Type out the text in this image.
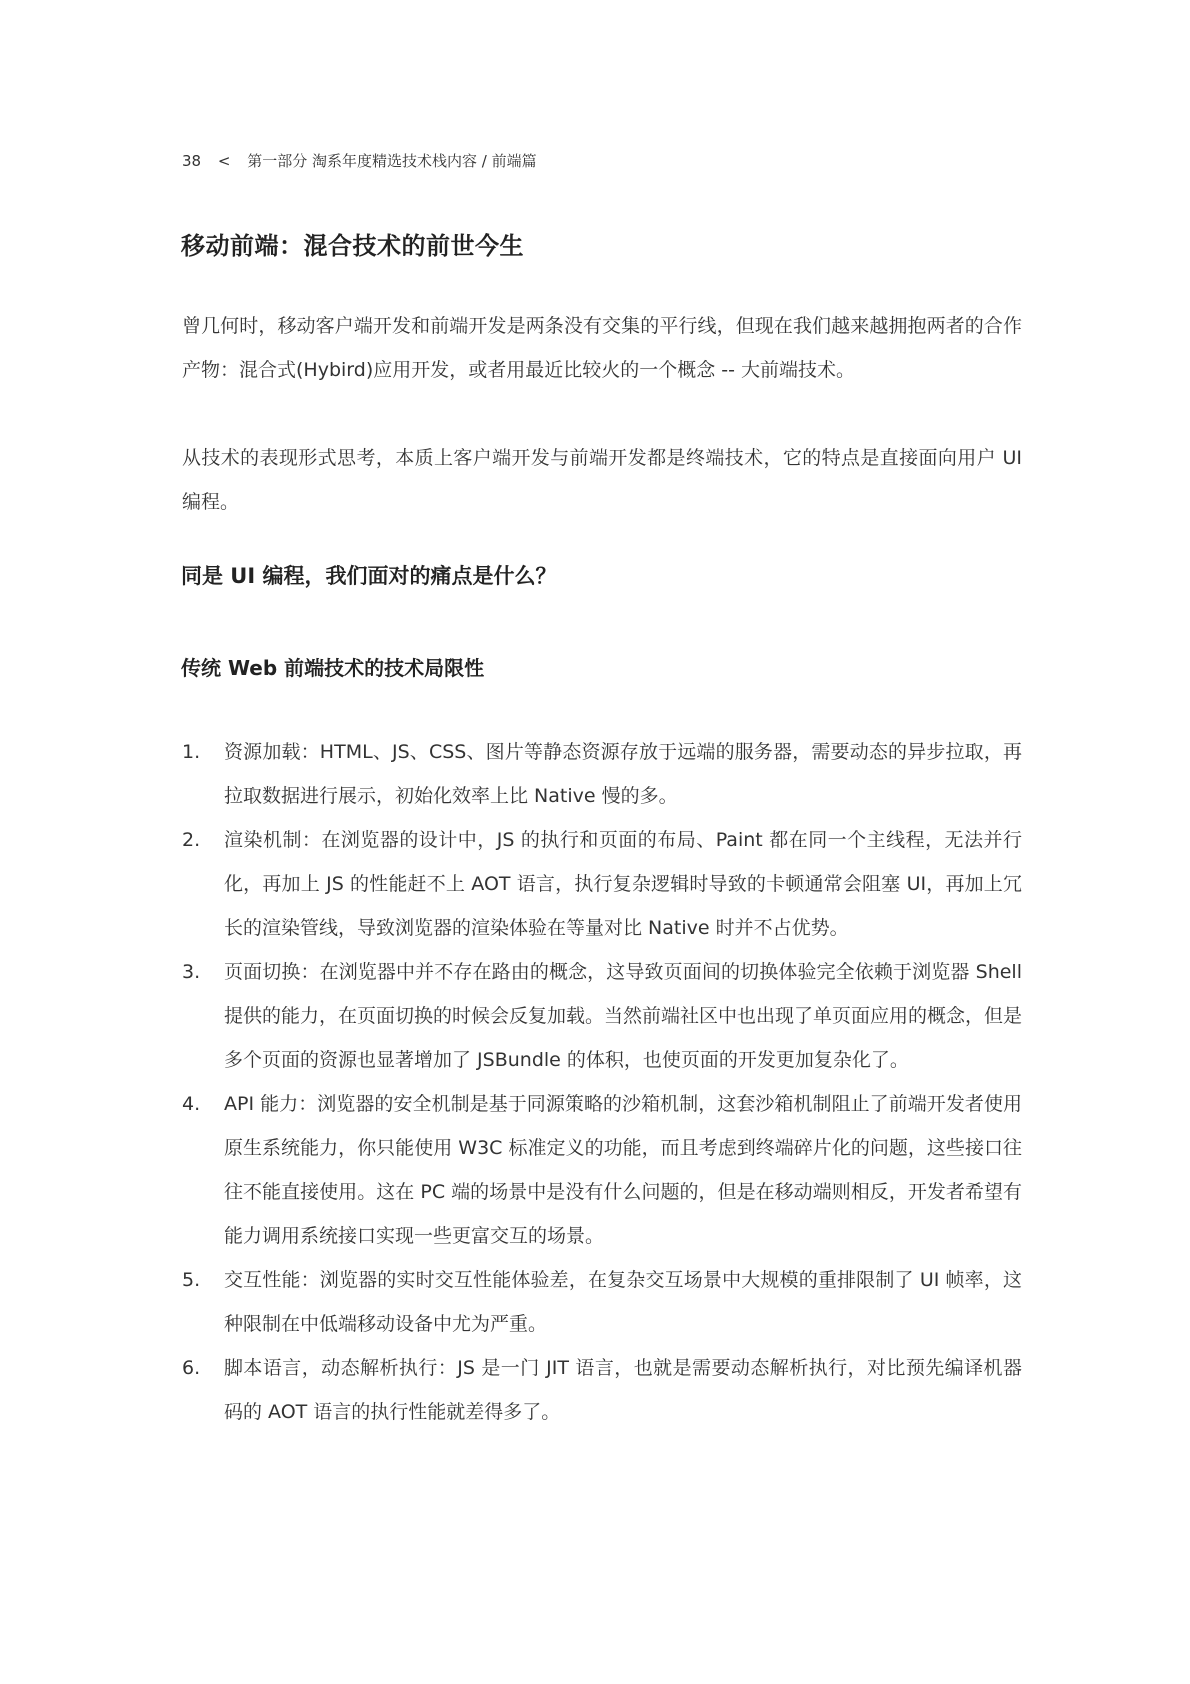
38 < 第一部分 淘系年度精选技术栈内容 / 前端篇
移动前端：混合技术的前世今生
曾几何时，移动客户端开发和前端开发是两条没有交集的平行线，但现在我们越来越拥抱两者的合作产物：混合式(Hybird)应用开发，或者用最近比较火的一个概念 -- 大前端技术。
从技术的表现形式思考，本质上客户端开发与前端开发都是终端技术，它的特点是直接面向用户 UI 编程。
同是 UI 编程，我们面对的痛点是什么？
传统 Web 前端技术的技术局限性
1.	资源加载：HTML、JS、CSS、图片等静态资源存放于远端的服务器，需要动态的异步拉取，再拉取数据进行展示，初始化效率上比 Native 慢的多。
2.	渲染机制：在浏览器的设计中，JS 的执行和页面的布局、Paint 都在同一个主线程，无法并行化，再加上 JS 的性能赶不上 AOT 语言，执行复杂逻辑时导致的卡顿通常会阻塞 UI，再加上冗长的渲染管线，导致浏览器的渲染体验在等量对比 Native 时并不占优势。
3.	页面切换：在浏览器中并不存在路由的概念，这导致页面间的切换体验完全依赖于浏览器 Shell 提供的能力，在页面切换的时候会反复加载。当然前端社区中也出现了单页面应用的概念，但是多个页面的资源也显著增加了 JSBundle 的体积，也使页面的开发更加复杂化了。
4.	API 能力：浏览器的安全机制是基于同源策略的沙箱机制，这套沙箱机制阻止了前端开发者使用原生系统能力，你只能使用 W3C 标准定义的功能，而且考虑到终端碎片化的问题，这些接口往往不能直接使用。这在 PC 端的场景中是没有什么问题的，但是在移动端则相反，开发者希望有能力调用系统接口实现一些更富交互的场景。
5.	交互性能：浏览器的实时交互性能体验差，在复杂交互场景中大规模的重排限制了 UI 帧率，这种限制在中低端移动设备中尤为严重。
6.	脚本语言，动态解析执行：JS 是一门 JIT 语言，也就是需要动态解析执行，对比预先编译机器码的 AOT 语言的执行性能就差得多了。
